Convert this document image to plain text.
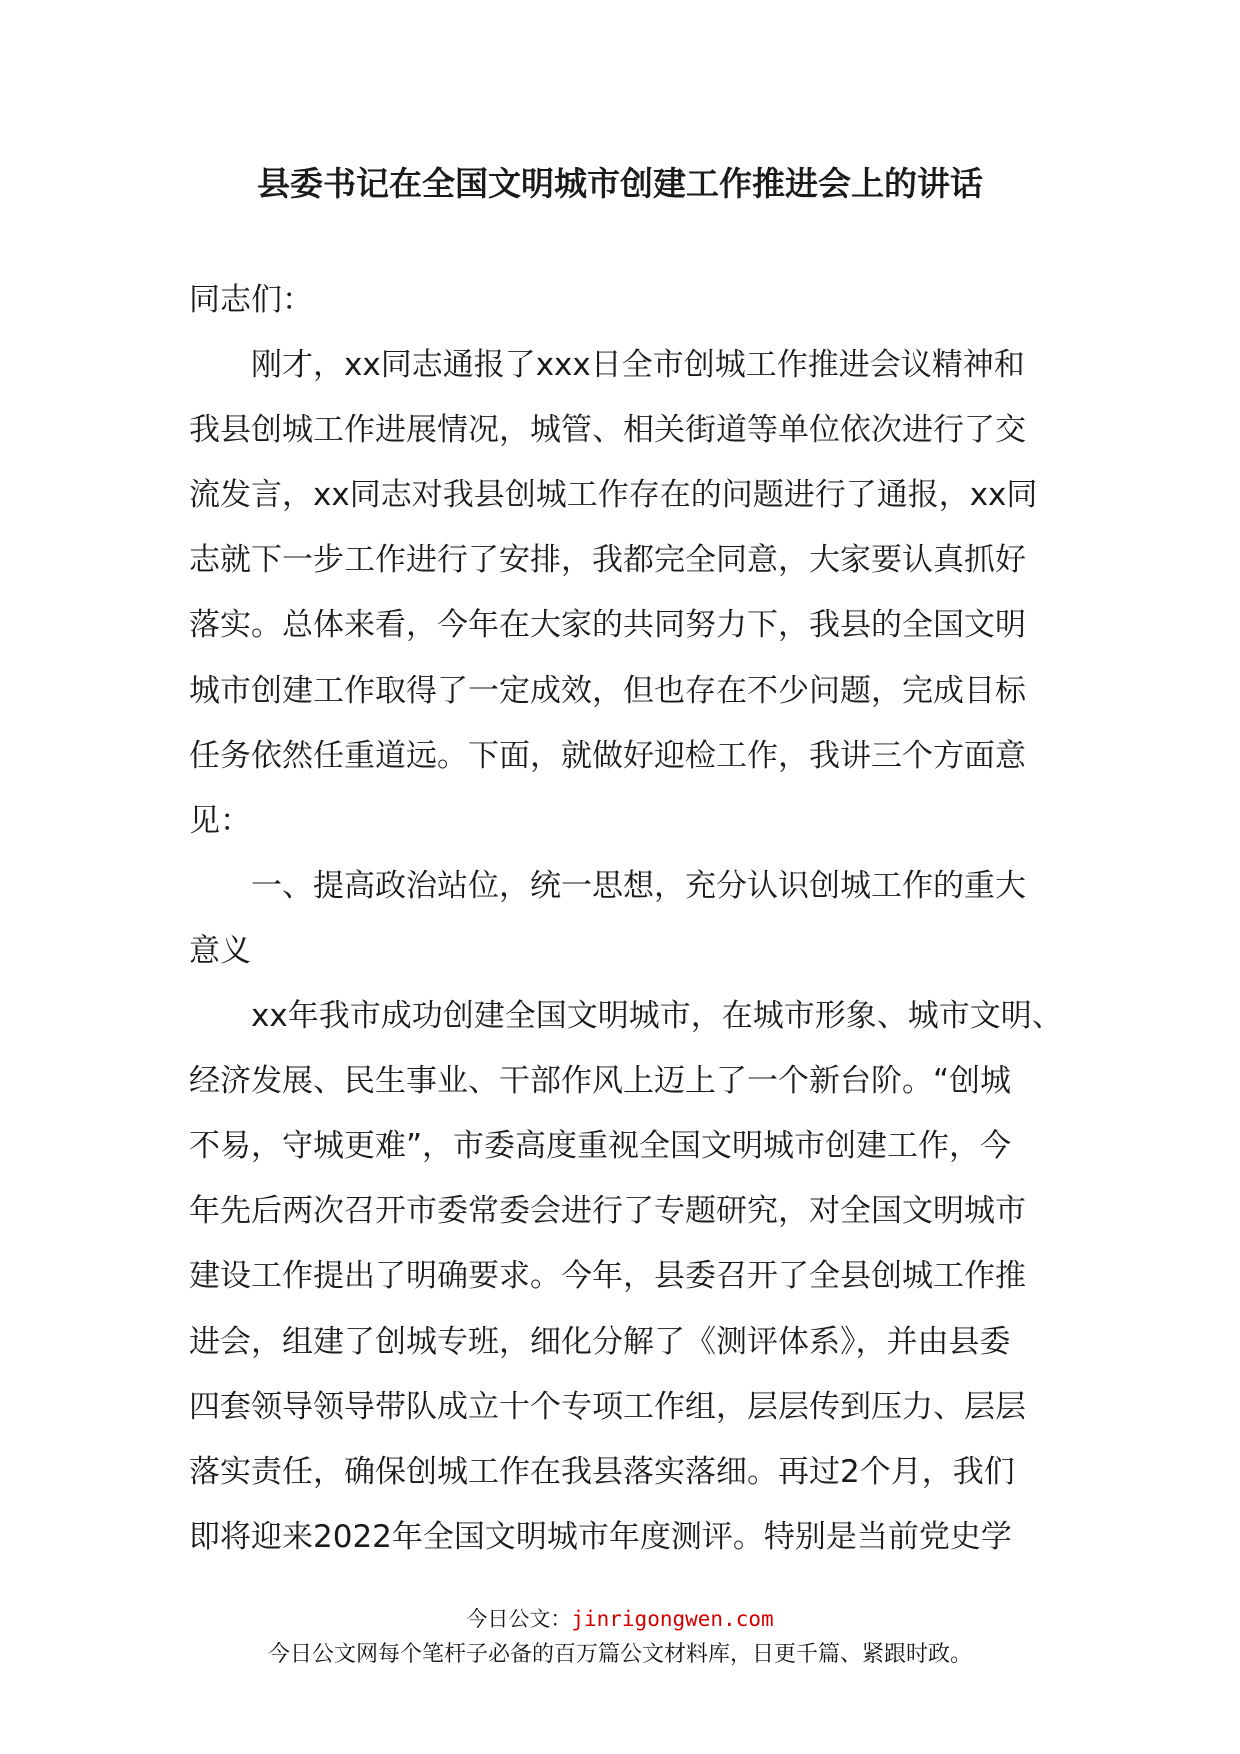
县委书记在全国文明城市创建工作推进会上的讲话
同志们：
　　刚才，xx同志通报了xxx日全市创城工作推进会议精神和
我县创城工作进展情况，城管、相关街道等单位依次进行了交
流发言，xx同志对我县创城工作存在的问题进行了通报，xx同
志就下一步工作进行了安排，我都完全同意，大家要认真抓好
落实。总体来看，今年在大家的共同努力下，我县的全国文明
城市创建工作取得了一定成效，但也存在不少问题，完成目标
任务依然任重道远。下面，就做好迎检工作，我讲三个方面意
见：
　　一、提高政治站位，统一思想，充分认识创城工作的重大
意义
　　xx年我市成功创建全国文明城市，在城市形象、城市文明、
经济发展、民生事业、干部作风上迈上了一个新台阶。“创城
不易，守城更难”，市委高度重视全国文明城市创建工作，今
年先后两次召开市委常委会进行了专题研究，对全国文明城市
建设工作提出了明确要求。今年，县委召开了全县创城工作推
进会，组建了创城专班，细化分解了《测评体系》，并由县委
四套领导领导带队成立十个专项工作组，层层传到压力、层层
落实责任，确保创城工作在我县落实落细。再过2个月，我们
即将迎来2022年全国文明城市年度测评。特别是当前党史学
今日公文：jinrigongwen.com
今日公文网每个笔杆子必备的百万篇公文材料库，日更千篇、紧跟时政。
